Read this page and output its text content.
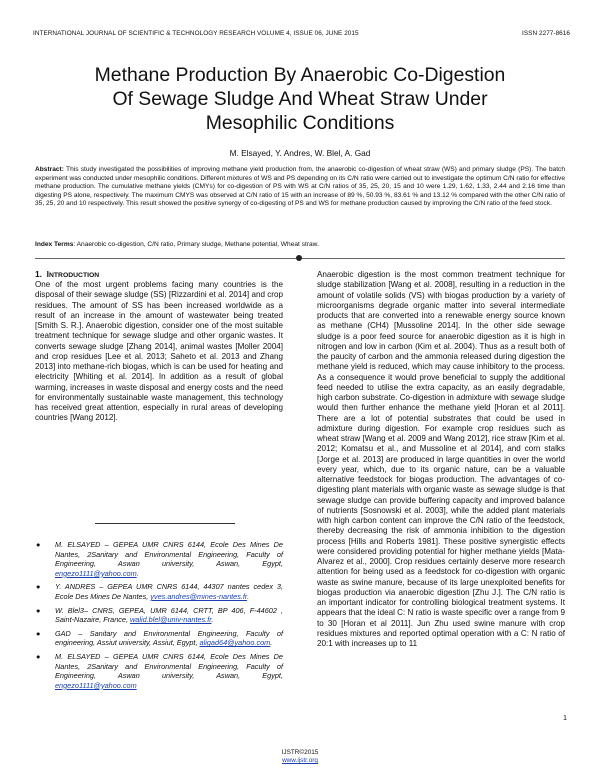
INTERNATIONAL JOURNAL OF SCIENTIFIC & TECHNOLOGY RESEARCH VOLUME 4, ISSUE 06, JUNE 2015	ISSN 2277-8616
Methane Production By Anaerobic Co-Digestion
Of Sewage Sludge And Wheat Straw Under
Mesophilic Conditions
M. Elsayed, Y. Andres, W. Blel, A. Gad
Abstract: This study investigated the possibilities of improving methane yield production from, the anaerobic co-digestion of wheat straw (WS) and primary sludge (PS). The batch experiment was conducted under mesophilic conditions. Different mixtures of WS and PS depending on its C/N ratio were carried out to investigate the optimum C/N ratio for effective methane production. The cumulative methane yields (CMYs) for co-digestion of PS with WS at C/N ratios of 35, 25, 20, 15 and 10 were 1.29, 1.62, 1.33, 2.44 and 2.16 time than digesting PS alone, respectively. The maximum CMYS was observed at C/N ratio of 15 with an increase of 89 %, 50.93 %, 83.61 % and 13.12 % compared with the other C/N ratio of 35, 25, 20 and 10 respectively. This result showed the positive synergy of co-digesting of PS and WS for methane production caused by improving the C/N ratio of the feed stock.
Index Terms: Anaerobic co-digestion, C/N ratio, Primary sludge, Methane potential, Wheat straw.
1. INTRODUCTION
One of the most urgent problems facing many countries is the disposal of their sewage sludge (SS) [Rizzardini et al. 2014] and crop residues. The amount of SS has been increased worldwide as a result of an increase in the amount of wastewater being treated [Smith S. R.]. Anaerobic digestion, consider one of the most suitable treatment technique for sewage sludge and other organic wastes. It converts sewage sludge [Zhang 2014], animal wastes [Moller 2004] and crop residues [Lee et al. 2013; Saheto et al. 2013 and Zhang 2013] into methane-rich biogas, which is can be used for heating and electricity [Whiting et al. 2014]. In addition as a result of global warming, increases in waste disposal and energy costs and the need for environmentally sustainable waste management, this technology has received great attention, especially in rural areas of developing countries [Wang 2012].
● M. ELSAYED – GEPEA UMR CNRS 6144, Ecole Des Mines De Nantes, 2Sanitary and Environmental Engineering, Faculty of Engineering, Aswan university, Aswan, Egypt, engezo1111@yahoo.com.
● Y. ANDRES – GEPEA UMR CNRS 6144, 44307 nantes cedex 3, Ecole Des Mines De Nantes, yves.andres@mines-nantes.fr.
● W. Blel3– CNRS, GEPEA, UMR 6144, CRTT, BP 406, F-44602 , Saint-Nazaire, France, walid.blel@univ-nantes.fr.
● GAD – Sanitary and Environmental Engineering, Faculty of engineering, Assiut university, Assiut, Egypt, aligad64@yahoo.com.
● M. ELSAYED – GEPEA UMR CNRS 6144, Ecole Des Mines De Nantes, 2Sanitary and Environmental Engineering, Faculty of Engineering, Aswan university, Aswan, Egypt, engezo1111@yahoo.com
Anaerobic digestion is the most common treatment technique for sludge stabilization [Wang et al. 2008], resulting in a reduction in the amount of volatile solids (VS) with biogas production by a variety of microorganisms degrade organic matter into several intermediate products that are converted into a renewable energy source known as methane (CH4) [Mussoline 2014]. In the other side sewage sludge is a poor feed source for anaerobic digestion as it is high in nitrogen and low in carbon (Kim et al. 2004). Thus as a result both of the paucity of carbon and the ammonia released during digestion the methane yield is reduced, which may cause inhibitory to the process. As a consequence it would prove beneficial to supply the additional feed needed to utilise the extra capacity, as an easily degradable, high carbon substrate. Co-digestion in admixture with sewage sludge would then further enhance the methane yield [Horan et al 2011]. There are a lot of potential substrates that could be used in admixture during digestion. For example crop residues such as wheat straw [Wang et al. 2009 and Wang 2012], rice straw [Kim et al. 2012; Komatsu et al., and Mussoline et al 2014], and corn stalks [Jorge et al. 2013] are produced in large quantities in over the world every year, which, due to its organic nature, can be a valuable alternative feedstock for biogas production. The advantages of co-digesting plant materials with organic waste as sewage sludge is that sewage sludge can provide buffering capacity and improved balance of nutrients [Sosnowski et al. 2003], while the added plant materials with high carbon content can improve the C/N ratio of the feedstock, thereby decreasing the risk of ammonia inhibition to the digestion process [Hills and Roberts 1981]. These positive synergistic effects were considered providing potential for higher methane yields [Mata-Alvarez et al., 2000]. Crop residues certainly deserve more research attention for being used as a feedstock for co-digestion with organic waste as swine manure, because of its large unexploited benefits for biogas production via anaerobic digestion [Zhu J.]. The C/N ratio is an important indicator for controlling biological treatment systems. It appears that the ideal C: N ratio is waste specific over a range from 9 to 30 [Horan et al 2011]. Jun Zhu used swine manure with crop residues mixtures and reported optimal operation with a C: N ratio of 20:1 with increases up to 11
1
IJSTR©2015
www.ijstr.org
